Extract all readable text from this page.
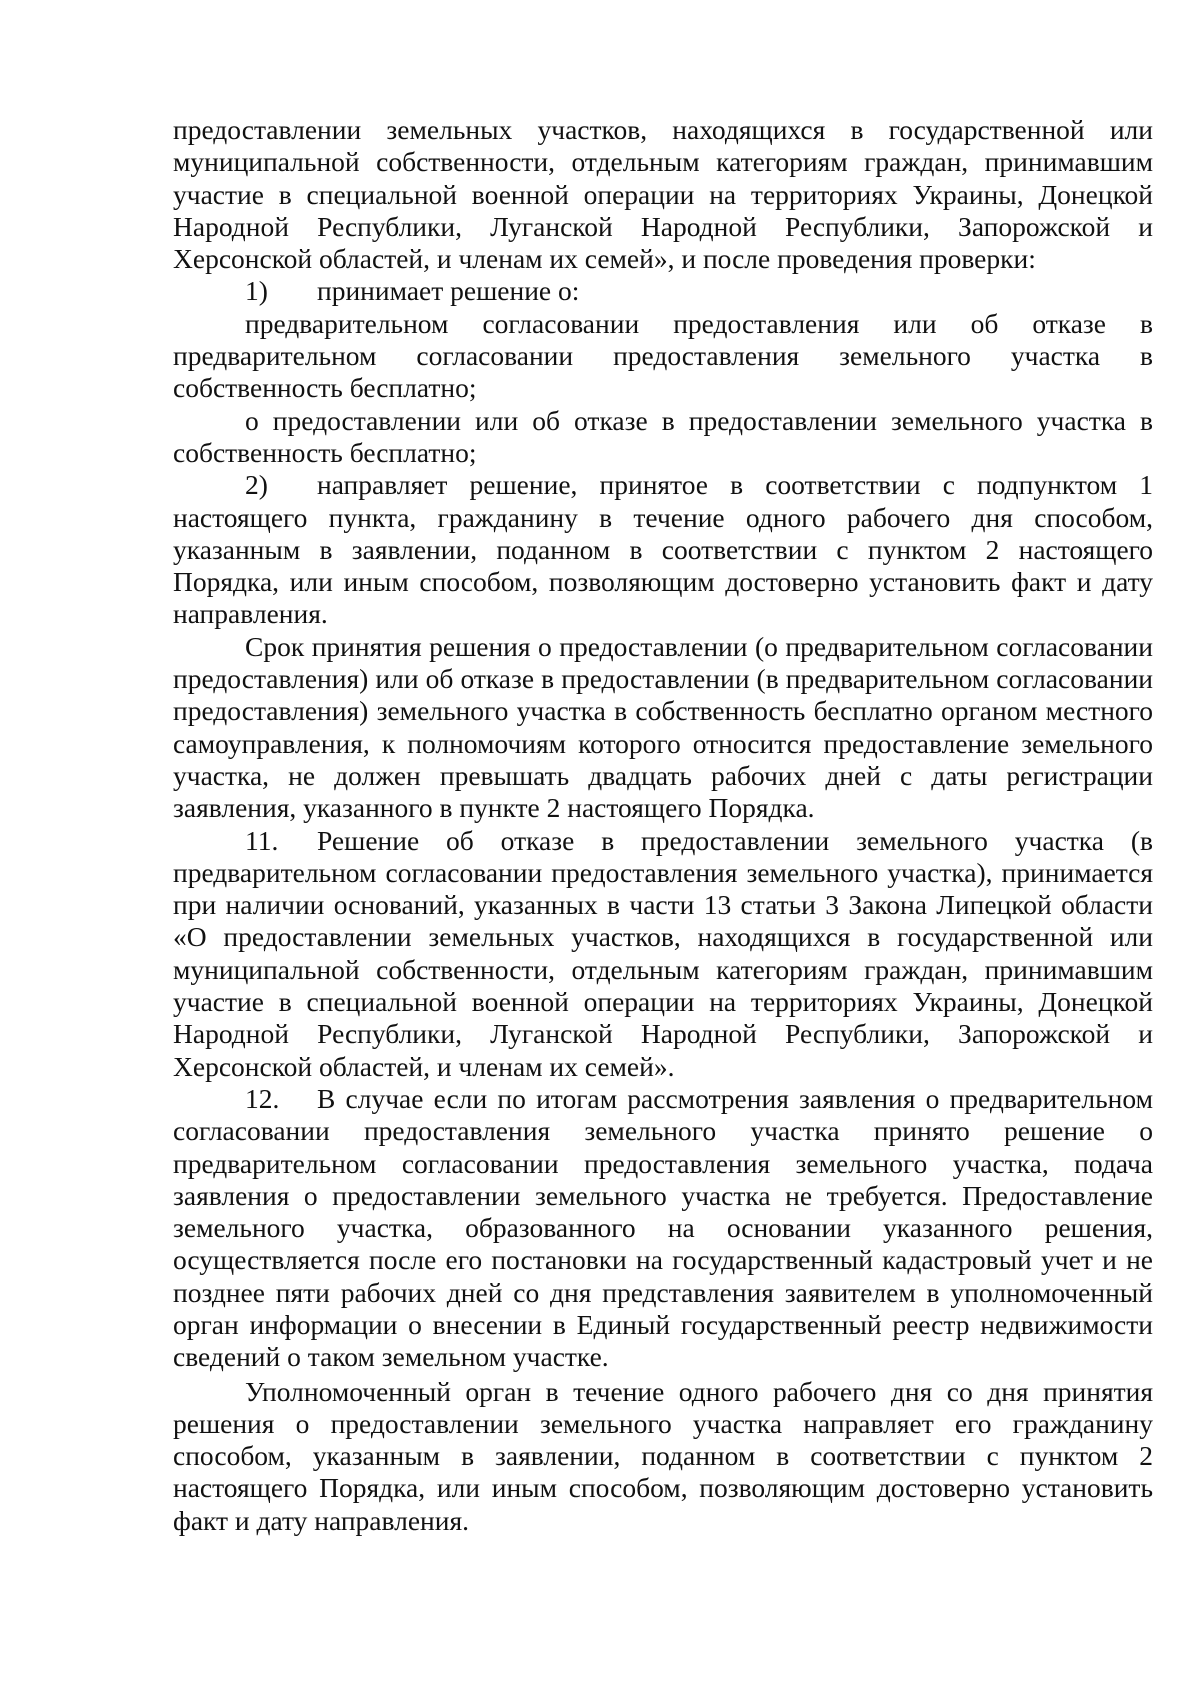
предоставлении земельных участков, находящихся в государственной или муниципальной собственности, отдельным категориям граждан, принимавшим участие в специальной военной операции на территориях Украины, Донецкой Народной Республики, Луганской Народной Республики, Запорожской и Херсонской областей, и членам их семей», и после проведения проверки:

1) принимает решение о:

предварительном согласовании предоставления или об отказе в предварительном согласовании предоставления земельного участка в собственность бесплатно;

о предоставлении или об отказе в предоставлении земельного участка в собственность бесплатно;

2) направляет решение, принятое в соответствии с подпунктом 1 настоящего пункта, гражданину в течение одного рабочего дня способом, указанным в заявлении, поданном в соответствии с пунктом 2 настоящего Порядка, или иным способом, позволяющим достоверно установить факт и дату направления.

Срок принятия решения о предоставлении (о предварительном согласовании предоставления) или об отказе в предоставлении (в предварительном согласовании предоставления) земельного участка в собственность бесплатно органом местного самоуправления, к полномочиям которого относится предоставление земельного участка, не должен превышать двадцать рабочих дней с даты регистрации заявления, указанного в пункте 2 настоящего Порядка.

11. Решение об отказе в предоставлении земельного участка (в предварительном согласовании предоставления земельного участка), принимается при наличии оснований, указанных в части 13 статьи 3 Закона Липецкой области «О предоставлении земельных участков, находящихся в государственной или муниципальной собственности, отдельным категориям граждан, принимавшим участие в специальной военной операции на территориях Украины, Донецкой Народной Республики, Луганской Народной Республики, Запорожской и Херсонской областей, и членам их семей».

12. В случае если по итогам рассмотрения заявления о предварительном согласовании предоставления земельного участка принято решение о предварительном согласовании предоставления земельного участка, подача заявления о предоставлении земельного участка не требуется. Предоставление земельного участка, образованного на основании указанного решения, осуществляется после его постановки на государственный кадастровый учет и не позднее пяти рабочих дней со дня представления заявителем в уполномоченный орган информации о внесении в Единый государственный реестр недвижимости сведений о таком земельном участке.

Уполномоченный орган в течение одного рабочего дня со дня принятия решения о предоставлении земельного участка направляет его гражданину способом, указанным в заявлении, поданном в соответствии с пунктом 2 настоящего Порядка, или иным способом, позволяющим достоверно установить факт и дату направления.
